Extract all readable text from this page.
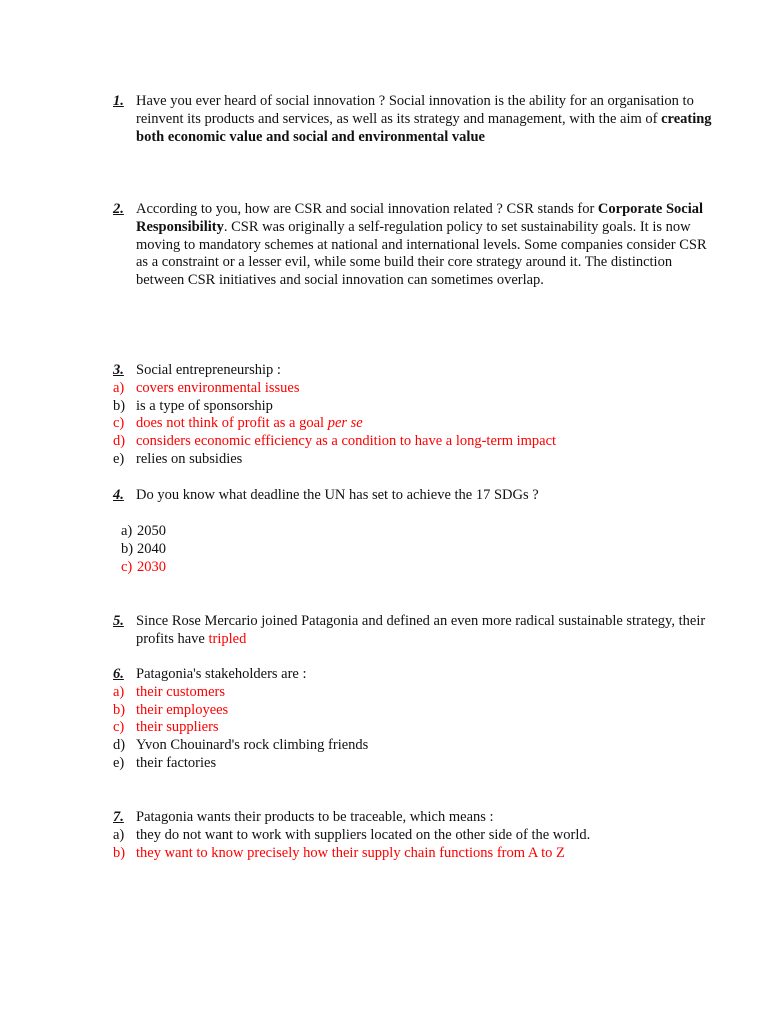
1. Have you ever heard of social innovation ? Social innovation is the ability for an organisation to reinvent its products and services, as well as its strategy and management, with the aim of creating both economic value and social and environmental value
2. According to you, how are CSR and social innovation related ? CSR stands for Corporate Social Responsibility. CSR was originally a self-regulation policy to set sustainability goals. It is now moving to mandatory schemes at national and international levels. Some companies consider CSR as a constraint or a lesser evil, while some build their core strategy around it. The distinction between CSR initiatives and social innovation can sometimes overlap.
3. Social entrepreneurship :
a) covers environmental issues
b) is a type of sponsorship
c) does not think of profit as a goal per se
d) considers economic efficiency as a condition to have a long-term impact
e) relies on subsidies
4. Do you know what deadline the UN has set to achieve the 17 SDGs ?
a) 2050
b) 2040
c) 2030
5. Since Rose Mercario joined Patagonia and defined an even more radical sustainable strategy, their profits have tripled
6. Patagonia's stakeholders are :
a) their customers
b) their employees
c) their suppliers
d) Yvon Chouinard's rock climbing friends
e) their factories
7. Patagonia wants their products to be traceable, which means :
a) they do not want to work with suppliers located on the other side of the world.
b) they want to know precisely how their supply chain functions from A to Z
